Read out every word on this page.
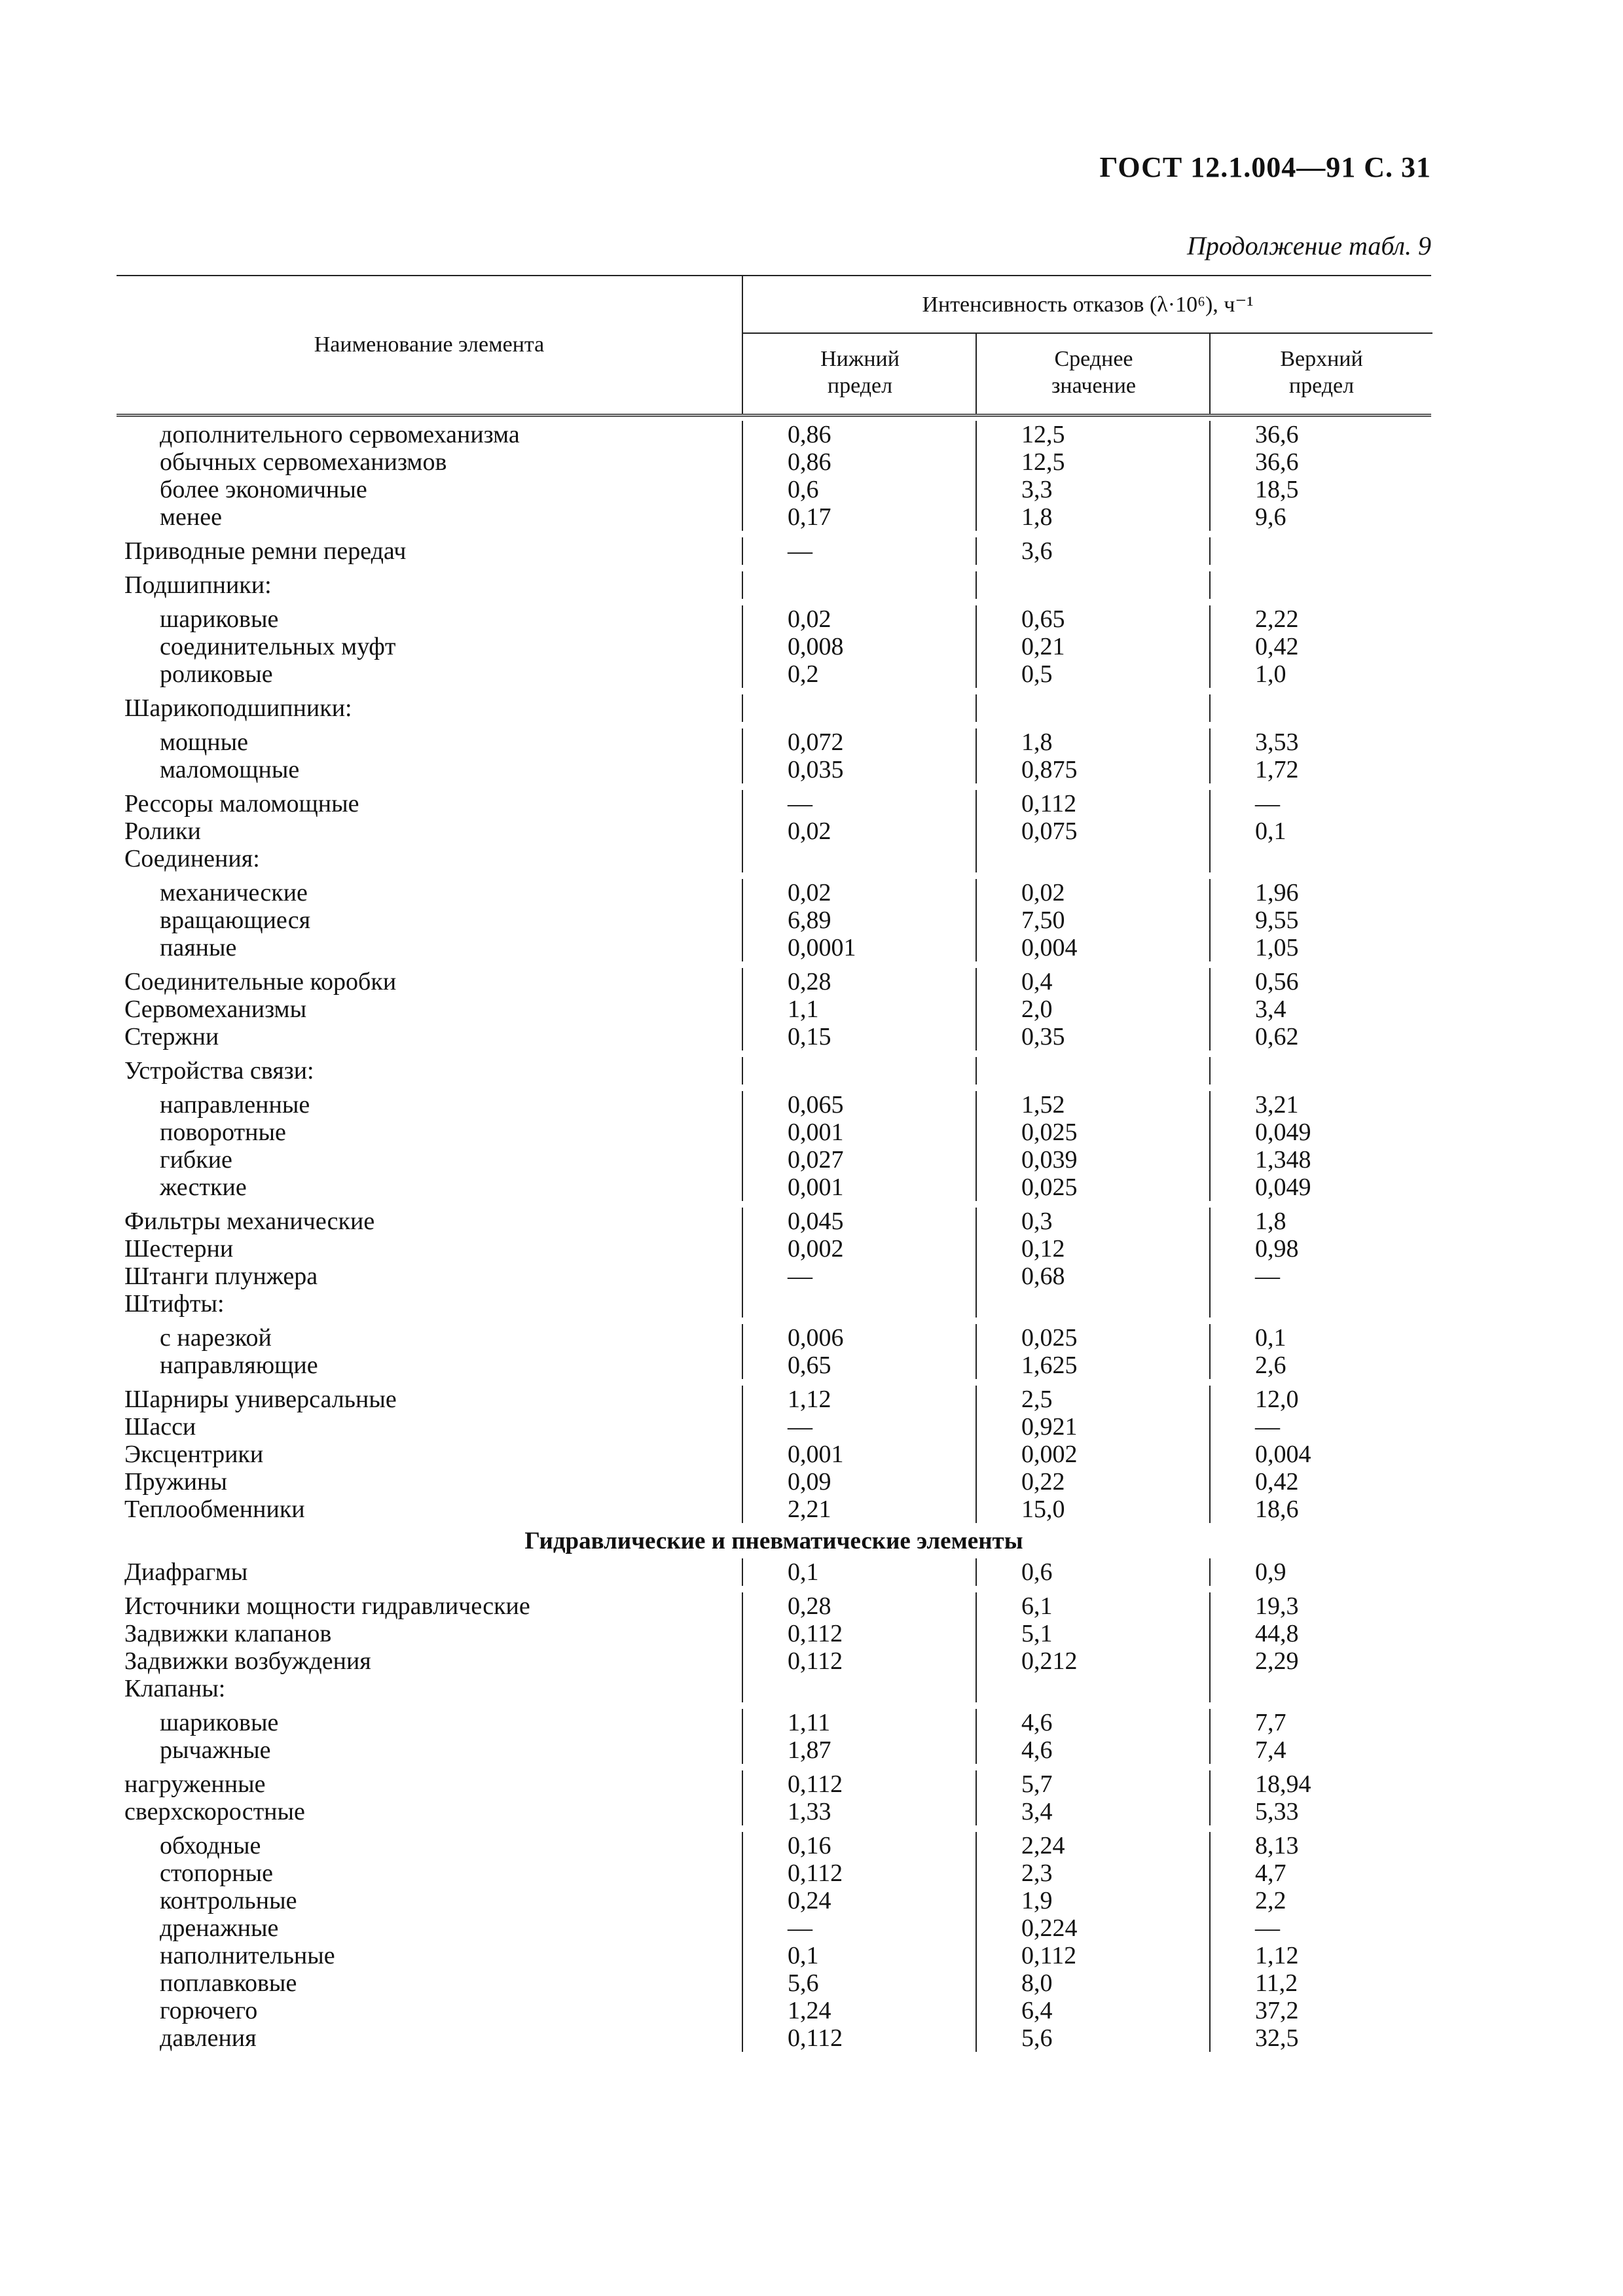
ГОСТ 12.1.004—91 С. 31
Продолжение табл. 9
Наименование элемента
Интенсивность отказов (λ·10⁶), ч⁻¹
Нижний
предел
Среднее
значение
Верхний
предел
дополнительного сервомеханизма	0,86	12,5	36,6
обычных сервомеханизмов	0,86	12,5	36,6
более экономичные	0,6	3,3	18,5
менее	0,17	1,8	9,6
Приводные ремни передач	—	3,6
Подшипники:
шариковые	0,02	0,65	2,22
соединительных муфт	0,008	0,21	0,42
роликовые	0,2	0,5	1,0
Шарикоподшипники:
мощные	0,072	1,8	3,53
маломощные	0,035	0,875	1,72
Рессоры маломощные	—	0,112	—
Ролики	0,02	0,075	0,1
Соединения:
механические	0,02	0,02	1,96
вращающиеся	6,89	7,50	9,55
паяные	0,0001	0,004	1,05
Соединительные коробки	0,28	0,4	0,56
Сервомеханизмы	1,1	2,0	3,4
Стержни	0,15	0,35	0,62
Устройства связи:
направленные	0,065	1,52	3,21
поворотные	0,001	0,025	0,049
гибкие	0,027	0,039	1,348
жесткие	0,001	0,025	0,049
Фильтры механические	0,045	0,3	1,8
Шестерни	0,002	0,12	0,98
Штанги плунжера	—	0,68	—
Штифты:
с нарезкой	0,006	0,025	0,1
направляющие	0,65	1,625	2,6
Шарниры универсальные	1,12	2,5	12,0
Шасси	—	0,921	—
Эксцентрики	0,001	0,002	0,004
Пружины	0,09	0,22	0,42
Теплообменники	2,21	15,0	18,6
Гидравлические и пневматические элементы
Диафрагмы	0,1	0,6	0,9
Источники мощности гидравлические	0,28	6,1	19,3
Задвижки клапанов	0,112	5,1	44,8
Задвижки возбуждения	0,112	0,212	2,29
Клапаны:
шариковые	1,11	4,6	7,7
рычажные	1,87	4,6	7,4
нагруженные	0,112	5,7	18,94
сверхскоростные	1,33	3,4	5,33
обходные	0,16	2,24	8,13
стопорные	0,112	2,3	4,7
контрольные	0,24	1,9	2,2
дренажные	—	0,224	—
наполнительные	0,1	0,112	1,12
поплавковые	5,6	8,0	11,2
горючего	1,24	6,4	37,2
давления	0,112	5,6	32,5
